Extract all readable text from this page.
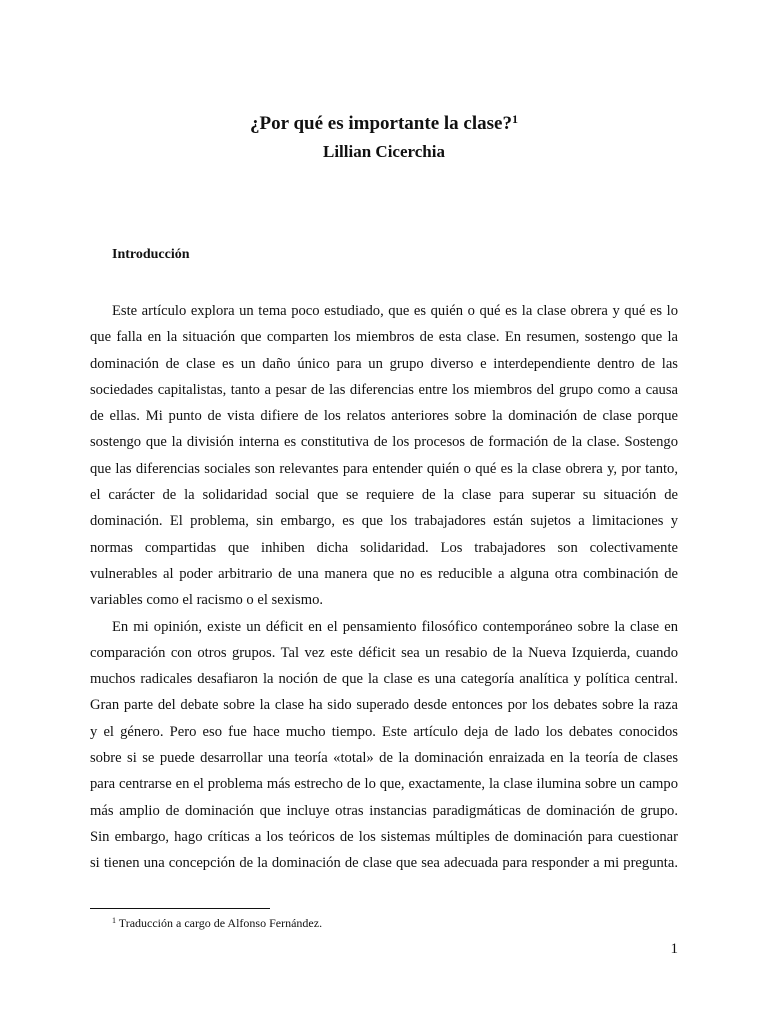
¿Por qué es importante la clase?$^1$
Lillian Cicerchia
Introducción
Este artículo explora un tema poco estudiado, que es quién o qué es la clase obrera y qué es lo
que falla en la situación que comparten los miembros de esta clase. En resumen, sostengo que la
dominación de clase es un daño único para un grupo diverso e interdependiente dentro de las
sociedades capitalistas, tanto a pesar de las diferencias entre los miembros del grupo como a causa
de ellas. Mi punto de vista difiere de los relatos anteriores sobre la dominación de clase porque
sostengo que la división interna es constitutiva de los procesos de formación de la clase. Sostengo
que las diferencias sociales son relevantes para entender quién o qué es la clase obrera y, por tanto,
el carácter de la solidaridad social que se requiere de la clase para superar su situación de
dominación. El problema, sin embargo, es que los trabajadores están sujetos a limitaciones y
normas compartidas que inhiben dicha solidaridad. Los trabajadores son colectivamente
vulnerables al poder arbitrario de una manera que no es reducible a alguna otra combinación de
variables como el racismo o el sexismo.
En mi opinión, existe un déficit en el pensamiento filosófico contemporáneo sobre la clase en
comparación con otros grupos. Tal vez este déficit sea un resabio de la Nueva Izquierda, cuando
muchos radicales desafiaron la noción de que la clase es una categoría analítica y política central.
Gran parte del debate sobre la clase ha sido superado desde entonces por los debates sobre la raza
y el género. Pero eso fue hace mucho tiempo. Este artículo deja de lado los debates conocidos
sobre si se puede desarrollar una teoría «total» de la dominación enraizada en la teoría de clases
para centrarse en el problema más estrecho de lo que, exactamente, la clase ilumina sobre un campo
más amplio de dominación que incluye otras instancias paradigmáticas de dominación de grupo.
Sin embargo, hago críticas a los teóricos de los sistemas múltiples de dominación para cuestionar
si tienen una concepción de la dominación de clase que sea adecuada para responder a mi pregunta.
$^1$ Traducción a cargo de Alfonso Fernández.
1
